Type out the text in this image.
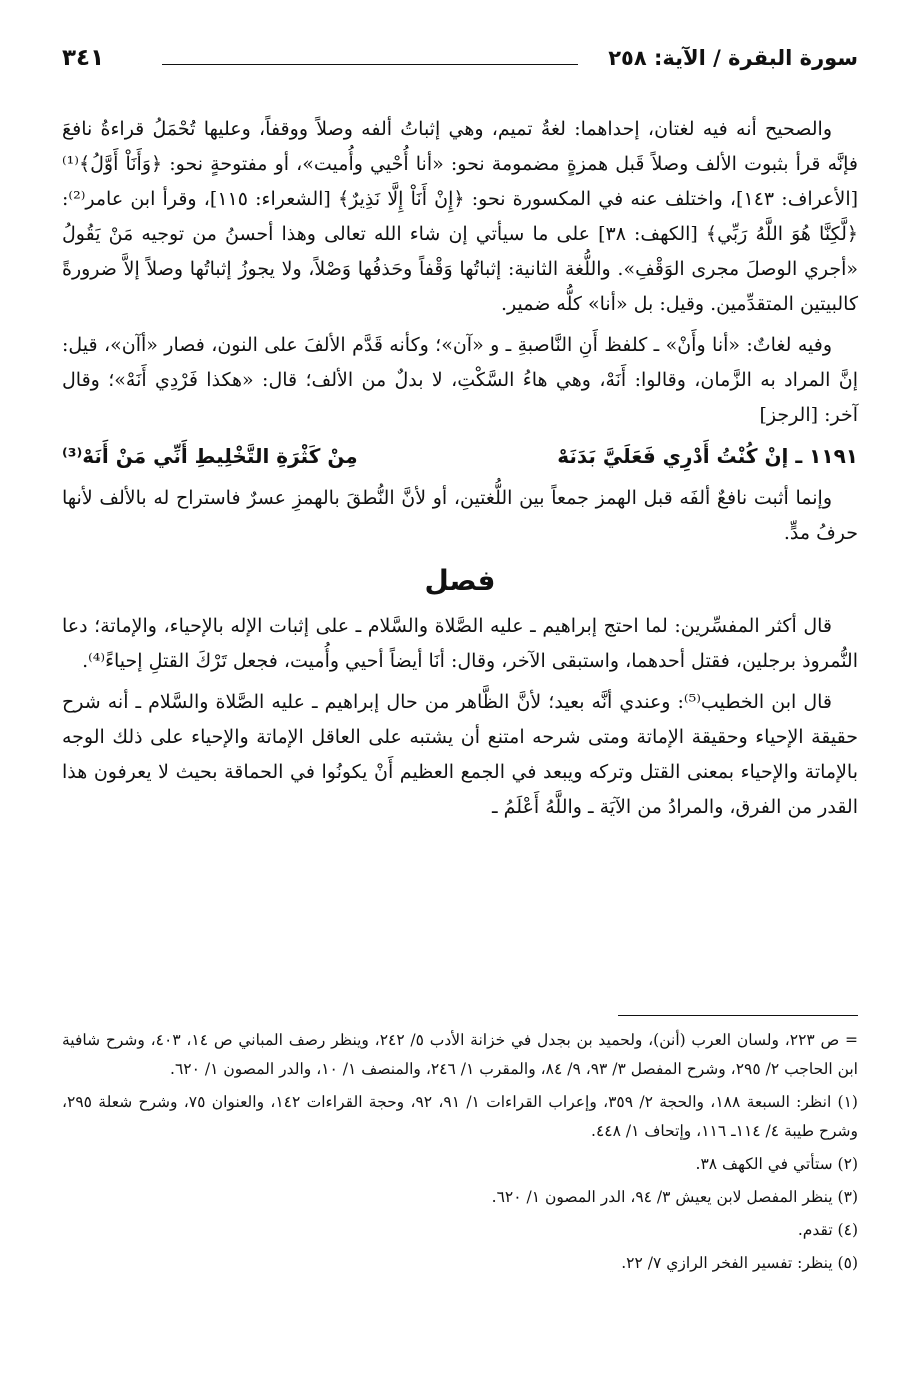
سورة البقرة / الآية: ٢٥٨
٣٤١

والصحيح أنه فيه لغتان، إحداهما: لغةُ تميم، وهي إثباتُ ألفه وصلاً ووقفاً، وعليها تُحْمَلُ قراءةُ نافعَ فإنَّه قرأ بثبوت الألف وصلاً قَبل همزةٍ مضمومة نحو: «أنا أُحْيي وأُميت»، أو مفتوحةٍ نحو: ﴿وَأَنَاْ أَوَّلُ﴾⁽¹⁾ [الأعراف: ١٤٣]، واختلف عنه في المكسورة نحو: ﴿إِنْ أَنَاْ إِلَّا نَذِيرٌ﴾ [الشعراء: ١١٥]، وقرأ ابن عامر⁽²⁾: ﴿لَّكِنَّا هُوَ اللَّهُ رَبِّي﴾ [الكهف: ٣٨] على ما سيأتي إن شاء الله تعالى وهذا أحسنُ من توجيه مَنْ يَقُولُ «أجري الوصلَ مجرى الوَقْفِ». واللُّغة الثانية: إثباتُها وَقْفاً وحَذفُها وَصْلاً، ولا يجوزُ إثباتُها وصلاً إلاَّ ضرورةً كالبيتين المتقدِّمين. وقيل: بل «أنا» كلُّه ضمير.

وفيه لغاتٌ: «أنا وأَنْ» ـ كلفظ أَنِ النَّاصبةِ ـ و «آن»؛ وكأنه قَدَّم الألفَ على النون، فصار «أآن»، قيل: إنَّ المراد به الزَّمان، وقالوا: أَنَهْ، وهي هاءُ السَّكْتِ، لا بدلٌ من الألف؛ قال: «هكذا فَرْدِي أَنَهْ»؛ وقال آخر: [الرجز]

١١٩١ ـ إنْ كُنْتُ أَدْرِي فَعَلَيَّ بَدَنَهْ
مِنْ كَثْرَةِ التَّخْلِيطِ أَنِّي مَنْ أَنَهْ⁽³⁾

وإنما أثبت نافعٌ ألفَه قبل الهمز جمعاً بين اللُّغتين، أو لأنَّ النُّطقَ بالهمزِ عسرٌ فاستراح له بالألف لأنها حرفُ مدٍّ.

فصل

قال أكثر المفسِّرين: لما احتج إبراهيم ـ عليه الصَّلاة والسَّلام ـ على إثبات الإله بالإحياء، والإماتة؛ دعا النُّمروذ برجلين، فقتل أحدهما، واستبقى الآخر، وقال: أنَا أيضاً أحيي وأُميت، فجعل تَرْكَ القتلِ إحياءً⁽⁴⁾.

قال ابن الخطيب⁽⁵⁾: وعندي أنَّه بعيد؛ لأنَّ الظَّاهر من حال إبراهيم ـ عليه الصَّلاة والسَّلام ـ أنه شرح حقيقة الإحياء وحقيقة الإماتة ومتى شرحه امتنع أن يشتبه على العاقل الإماتة والإحياء على ذلك الوجه بالإماتة والإحياء بمعنى القتل وتركه ويبعد في الجمع العظيم أَنْ يكونُوا في الحماقة بحيث لا يعرفون هذا القدر من الفرق، والمرادُ من الآيَة ـ واللَّهُ أَعْلَمُ ـ

= ص ٢٢٣، ولسان العرب (أنن)، ولحميد بن بجدل في خزانة الأدب ٥/ ٢٤٢، وينظر رصف المباني ص ١٤، ٤٠٣، وشرح شافية ابن الحاجب ٢/ ٢٩٥، وشرح المفصل ٣/ ٩٣، ٩/ ٨٤، والمقرب ١/ ٢٤٦، والمنصف ١/ ١٠، والدر المصون ١/ ٦٢٠.

(١) انظر: السبعة ١٨٨، والحجة ٢/ ٣٥٩، وإعراب القراءات ١/ ٩١، ٩٢، وحجة القراءات ١٤٢، والعنوان ٧٥، وشرح شعلة ٢٩٥، وشرح طيبة ٤/ ١١٤ـ ١١٦، وإتحاف ١/ ٤٤٨.

(٢) ستأتي في الكهف ٣٨.

(٣) ينظر المفصل لابن يعيش ٣/ ٩٤، الدر المصون ١/ ٦٢٠.

(٤) تقدم.

(٥) ينظر: تفسير الفخر الرازي ٧/ ٢٢.
